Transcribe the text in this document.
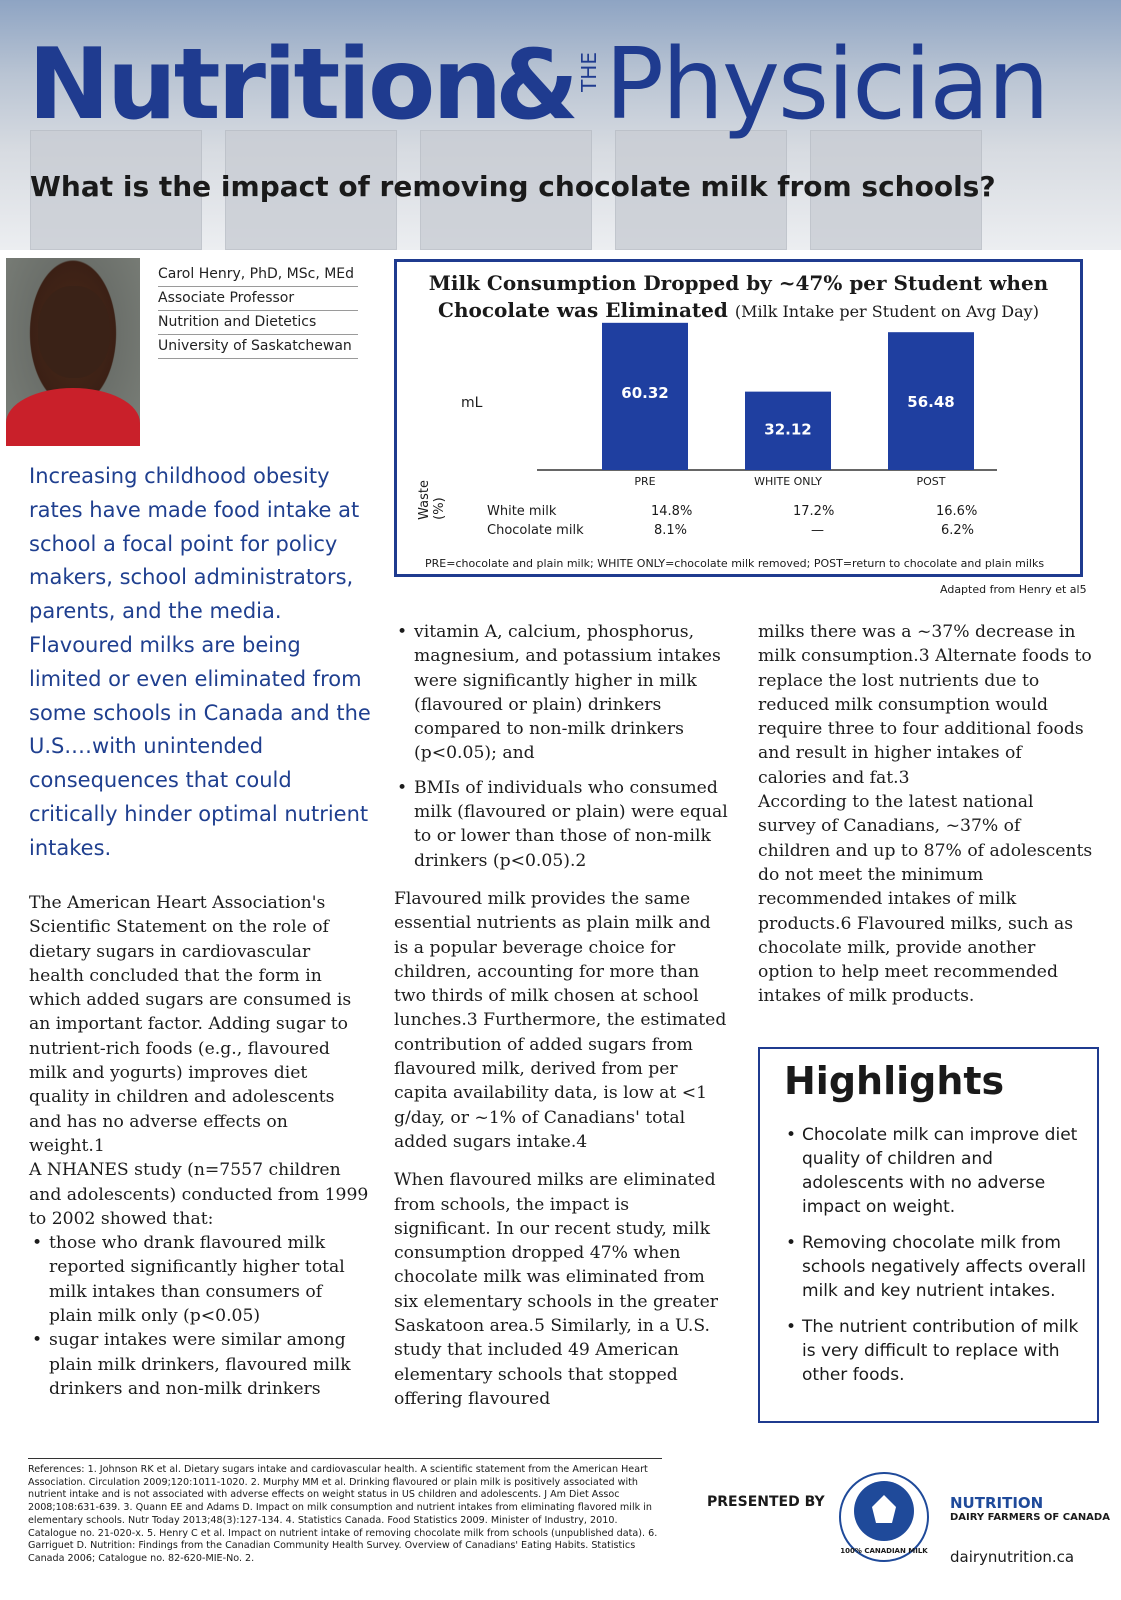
Nutrition&THEPhysician
What is the impact of removing chocolate milk from schools?
Carol Henry, PhD, MSc, MEd
Associate Professor
Nutrition and Dietetics
University of Saskatchewan
Increasing childhood obesity rates have made food intake at school a focal point for policy makers, school administrators, parents, and the media. Flavoured milks are being limited or even eliminated from some schools in Canada and the U.S.…with unintended consequences that could critically hinder optimal nutrient intakes.
Milk Consumption Dropped by ~47% per Student when Chocolate was Eliminated (Milk Intake per Student on Avg Day)
mL
60.32
PRE
32.12
WHITE ONLY
56.48
POST
Waste (%)	White milk	14.8%	17.2%	16.6%
Chocolate milk	8.1%	—	6.2%
PRE=chocolate and plain milk; WHITE ONLY=chocolate milk removed; POST=return to chocolate and plain milks
Adapted from Henry et al5

The American Heart Association's Scientific Statement on the role of dietary sugars in cardiovascular health concluded that the form in which added sugars are consumed is an important factor. Adding sugar to nutrient-rich foods (e.g., flavoured milk and yogurts) improves diet quality in children and adolescents and has no adverse effects on weight.1

A NHANES study (n=7557 children and adolescents) conducted from 1999 to 2002 showed that:

• those who drank flavoured milk reported significantly higher total milk intakes than consumers of plain milk only (p<0.05)
• sugar intakes were similar among plain milk drinkers, flavoured milk drinkers and non-milk drinkers
• vitamin A, calcium, phosphorus, magnesium, and potassium intakes were significantly higher in milk (flavoured or plain) drinkers compared to non-milk drinkers (p<0.05); and
• BMIs of individuals who consumed milk (flavoured or plain) were equal to or lower than those of non-milk drinkers (p<0.05).2

Flavoured milk provides the same essential nutrients as plain milk and is a popular beverage choice for children, accounting for more than two thirds of milk chosen at school lunches.3 Furthermore, the estimated contribution of added sugars from flavoured milk, derived from per capita availability data, is low at <1 g/day, or ~1% of Canadians' total added sugars intake.4

When flavoured milks are eliminated from schools, the impact is significant. In our recent study, milk consumption dropped 47% when chocolate milk was eliminated from six elementary schools in the greater Saskatoon area.5 Similarly, in a U.S. study that included 49 American elementary schools that stopped offering flavoured

milks there was a ~37% decrease in milk consumption.3 Alternate foods to replace the lost nutrients due to reduced milk consumption would require three to four additional foods and result in higher intakes of calories and fat.3

According to the latest national survey of Canadians, ~37% of children and up to 87% of adolescents do not meet the minimum recommended intakes of milk products.6 Flavoured milks, such as chocolate milk, provide another option to help meet recommended intakes of milk products.

Highlights
• Chocolate milk can improve diet quality of children and adolescents with no adverse impact on weight.
• Removing chocolate milk from schools negatively affects overall milk and key nutrient intakes.
• The nutrient contribution of milk is very difficult to replace with other foods.
References: 1. Johnson RK et al. Dietary sugars intake and cardiovascular health. A scientific statement from the American Heart Association. Circulation 2009;120:1011-1020. 2. Murphy MM et al. Drinking flavoured or plain milk is positively associated with nutrient intake and is not associated with adverse effects on weight status in US children and adolescents. J Am Diet Assoc 2008;108:631-639. 3. Quann EE and Adams D. Impact on milk consumption and nutrient intakes from eliminating flavored milk in elementary schools. Nutr Today 2013;48(3):127-134. 4. Statistics Canada. Food Statistics 2009. Minister of Industry, 2010. Catalogue no. 21-020-x. 5. Henry C et al. Impact on nutrient intake of removing chocolate milk from schools (unpublished data). 6. Garriguet D. Nutrition: Findings from the Canadian Community Health Survey. Overview of Canadians' Eating Habits. Statistics Canada 2006; Catalogue no. 82-620-MIE-No. 2.
PRESENTED BY
100% CANADIAN MILK
NUTRITION
DAIRY FARMERS OF CANADA
dairynutrition.ca
